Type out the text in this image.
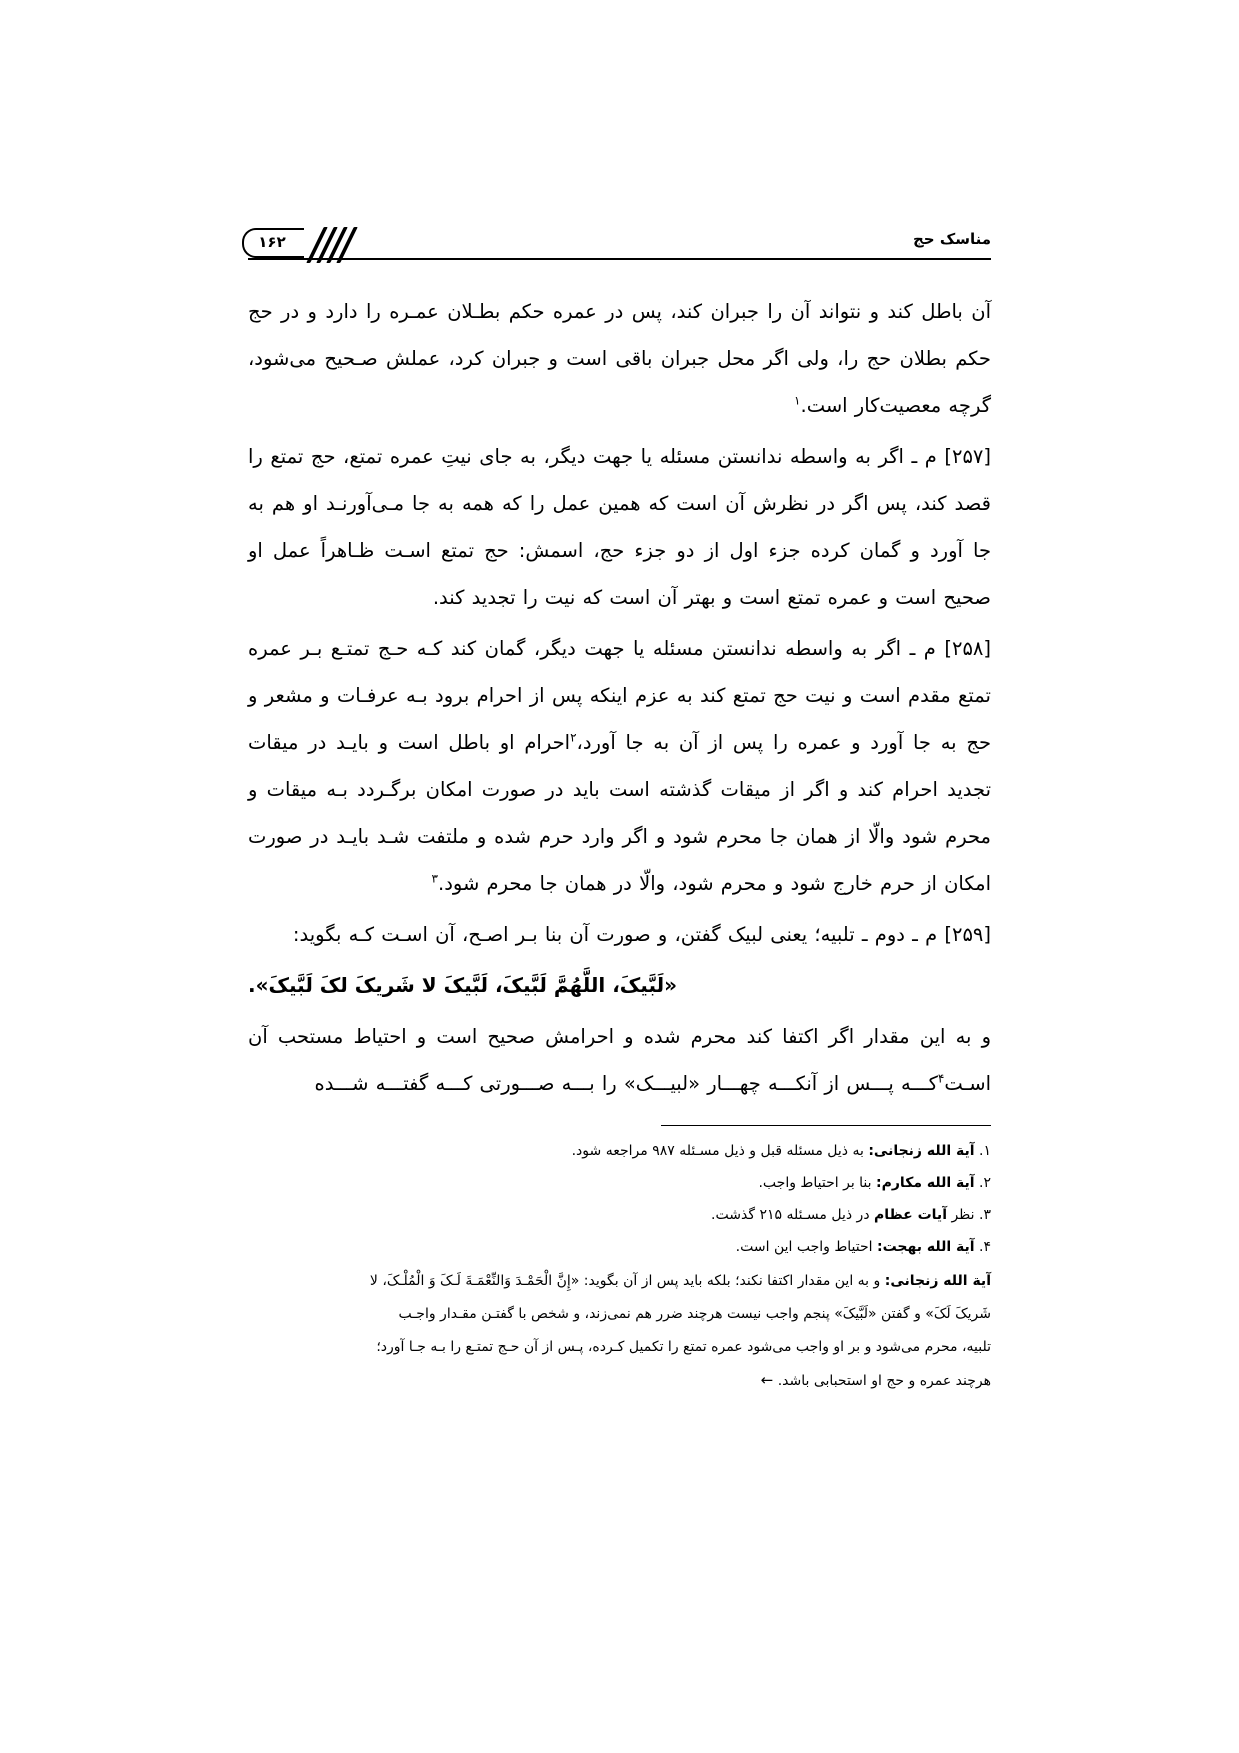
مناسک حج
۱۶۲

آن باطل کند و نتواند آن را جبران کند، پس در عمره حکم بطـلان عمـره را دارد و در حج حکم بطلان حج را، ولی اگر محل جبران باقی است و جبران کرد، عملش صـحیح می‌شود، گرچه معصیت‌کار است.$^۱$

[۲۵۷] م ـ اگر به واسطه ندانستن مسئله یا جهت دیگر، به جای نیتِ عمره تمتع، حج تمتع را قصد کند، پس اگر در نظرش آن است که همین عمل را که همه به جا مـی‌آورنـد او هم به جا آورد و گمان کرده جزء اول از دو جزء حج، اسمش: حج تمتع اسـت ظـاهراً عمل او صحیح است و عمره تمتع است و بهتر آن است که نیت را تجدید کند.

[۲۵۸] م ـ اگر به واسطه ندانستن مسئله یا جهت دیگر، گمان کند کـه حـج تمتـع بـر عمره تمتع مقدم است و نیت حج تمتع کند به عزم اینکه پس از احرام برود بـه عرفـات و مشعر و حج به جا آورد و عمره را پس از آن به جا آورد،$^۲$احرام او باطل است و بایـد در میقات تجدید احرام کند و اگر از میقات گذشته است باید در صورت امکان برگـردد بـه میقات و محرم شود والّا از همان جا محرم شود و اگر وارد حرم شده و ملتفت شـد بایـد در صورت امکان از حرم خارج شود و محرم شود، والّا در همان جا محرم شود.$^۳$

[۲۵۹] م ـ دوم ـ تلبیه؛ یعنی لبیک گفتن، و صورت آن بنا بـر اصـح، آن اسـت کـه بگوید:

«لَبَّیکَ، اللَّهُمَّ لَبَّیکَ، لَبَّیکَ لا شَریکَ لکَ لَبَّیکَ».

و به این مقدار اگر اکتفا کند محرم شده و احرامش صحیح است و احتیاط مستحب آن اسـت$^۴$کـــه پـــس از آنکـــه چهـــار «لبیـــک» را بـــه صـــورتی کـــه گفتـــه شـــده

۱. آیة الله زنجانی: به ذیل مسئله قبل و ذیل مسـئله ۹۸۷ مراجعه شود.

۲. آیة الله مکارم: بنا بر احتیاط واجب.

۳. نظر آیات عظام در ذیل مسـئله ۲۱۵ گذشت.

۴. آیة الله بهجت: احتیاط واجب این است.

آیة الله زنجانی: و به این مقدار اکتفا نکند؛ بلکه باید پس از آن بگوید: «إِنَّ الْحَمْـدَ وَالنِّعْمَـةَ لَـکَ وَ الْمُلْـکَ، لا

شَریکَ لَکَ» و گفتن «لَبَّیکَ» پنجم واجب نیست هرچند ضرر هم نمی‌زند، و شخص با گفتـن مقـدار واجـب

تلبیه، محرم می‌شود و بر او واجب می‌شود عمره تمتع را تکمیل کـرده، پـس از آن حـج تمتـع را بـه جـا آورد؛

هرچند عمره و حج او استحبابی باشد. ←
